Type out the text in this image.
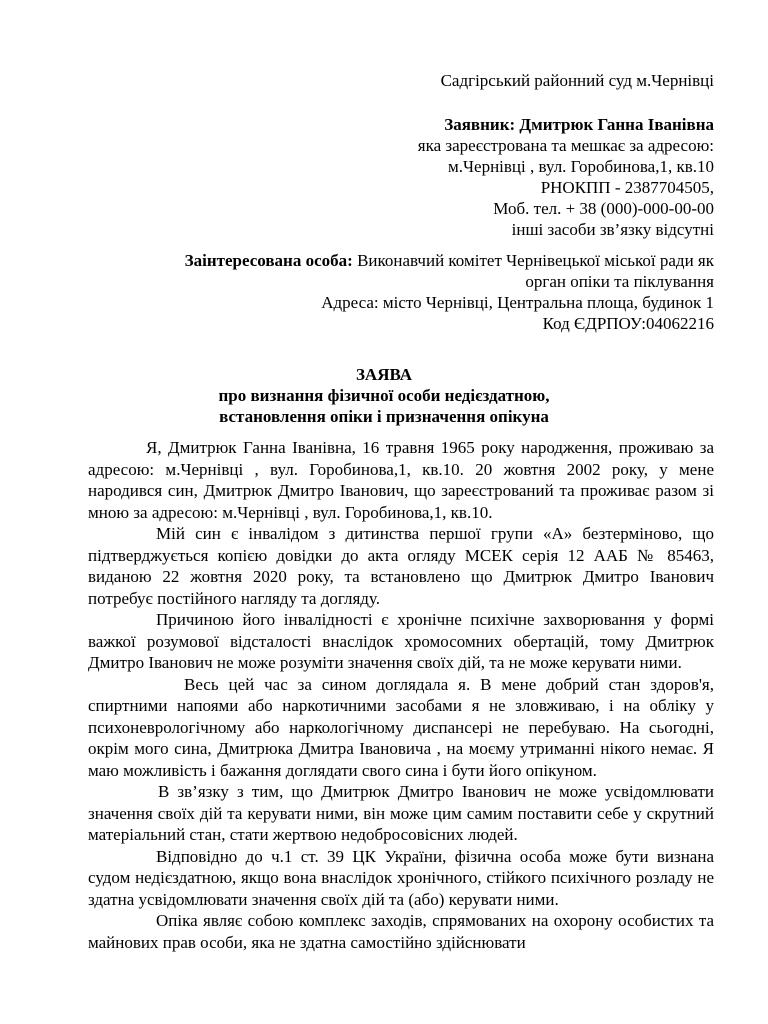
Садгірський районний суд м.Чернівці

Заявник: Дмитрюк Ганна Іванівна

яка зареєстрована та мешкає за адресою:

м.Чернівці , вул. Горобинова,1, кв.10

РНОКПП - 2387704505,

Моб. тел. + 38 (000)-000-00-00

інші засоби зв’язку відсутні

Заінтересована особа: Виконавчий комітет Чернівецької міської ради як орган опіки та піклування

Адреса: місто Чернівці, Центральна площа, будинок 1

Код ЄДРПОУ:04062216

ЗАЯВА

про визнання фізичної особи недієздатною,

встановлення опіки і призначення опікуна

Я, Дмитрюк Ганна Іванівна, 16 травня 1965 року народження, проживаю за адресою: м.Чернівці , вул. Горобинова,1, кв.10. 20 жовтня 2002 року, у мене народився син, Дмитрюк Дмитро Іванович, що зареєстрований та проживає разом зі мною за адресою: м.Чернівці , вул. Горобинова,1, кв.10.

Мій син є інвалідом з дитинства першої групи «А» безтерміново, що підтверджується копією довідки до акта огляду МСЕК серія 12 ААБ № 85463, виданою 22 жовтня 2020 року, та встановлено що Дмитрюк Дмитро Іванович потребує постійного нагляду та догляду.

Причиною його інвалідності є хронічне психічне захворювання у формі важкої розумової відсталості внаслідок хромосомних обертацій, тому Дмитрюк Дмитро Іванович не може розуміти значення своїх дій, та не може керувати ними.

Весь цей час за сином доглядала я. В мене добрий стан здоров'я, спиртними напоями або наркотичними засобами я не зловживаю, і на обліку у психоневрологічному або наркологічному диспансері не перебуваю. На сьогодні, окрім мого сина, Дмитрюка Дмитра Івановича , на моєму утриманні нікого немає. Я маю можливість і бажання доглядати свого сина і бути його опікуном.

В зв’язку з тим, що Дмитрюк Дмитро Іванович не може усвідомлювати значення своїх дій та керувати ними, він може цим самим поставити себе у скрутний матеріальний стан, стати жертвою недобросовісних людей.

Відповідно до ч.1 ст. 39 ЦК України, фізична особа може бути визнана судом недієздатною, якщо вона внаслідок хронічного, стійкого психічного розладу не здатна усвідомлювати значення своїх дій та (або) керувати ними.

Опіка являє собою комплекс заходів, спрямованих на охорону особистих та майнових прав особи, яка не здатна самостійно здійснювати
